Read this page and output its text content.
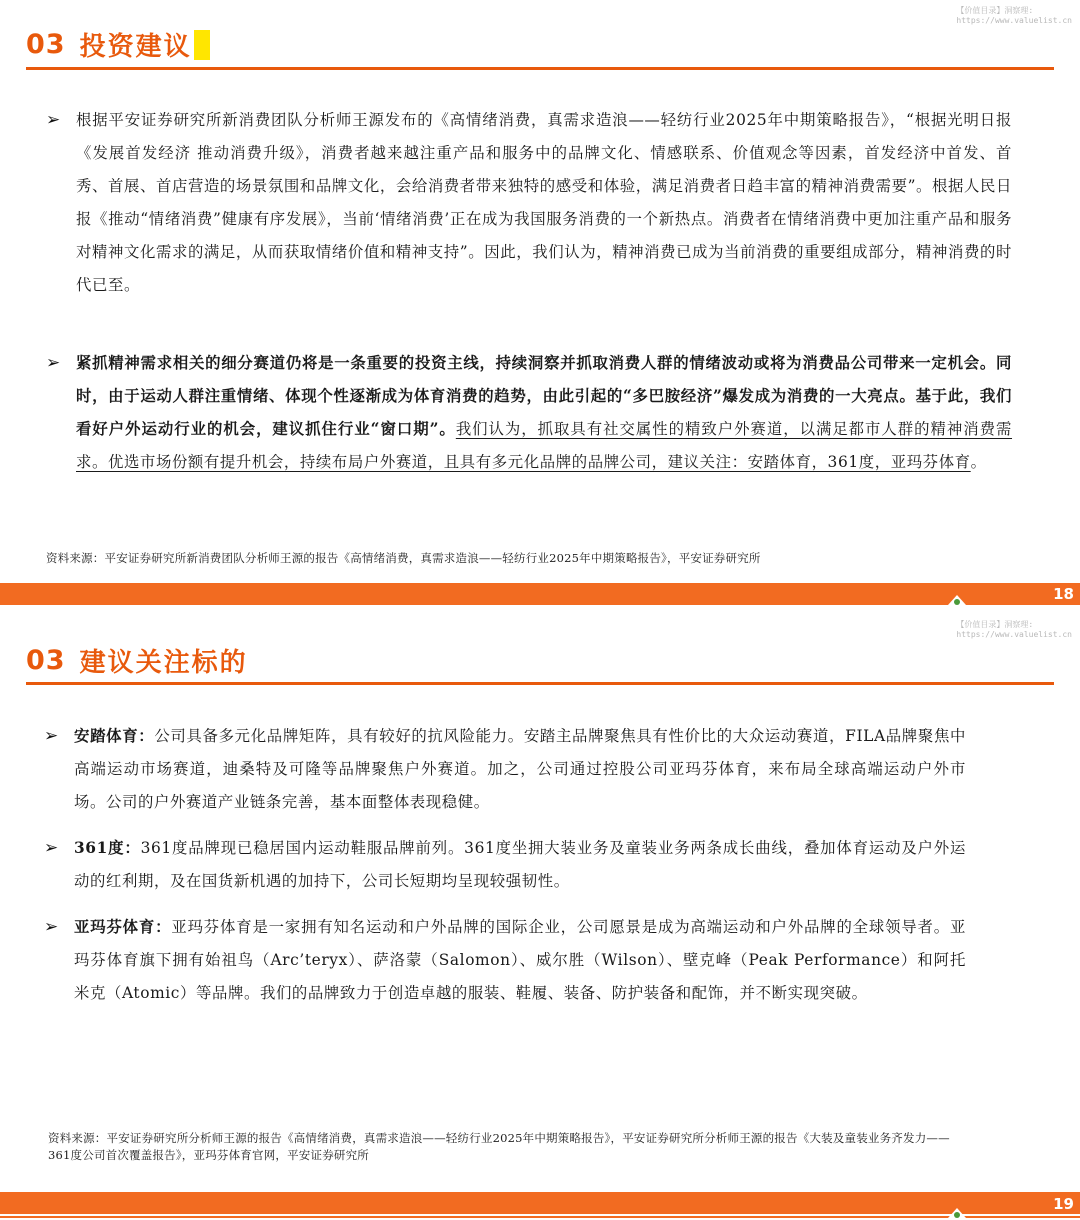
【价值目录】洞察理:
https://www.valuelist.cn
03 投资建议
➢	根据平安证券研究所新消费团队分析师王源发布的《高情绪消费，真需求造浪——轻纺行业2025年中期策略报告》，“根据光明日报《发展首发经济 推动消费升级》，消费者越来越注重产品和服务中的品牌文化、情感联系、价值观念等因素，首发经济中首发、首秀、首展、首店营造的场景氛围和品牌文化，会给消费者带来独特的感受和体验，满足消费者日趋丰富的精神消费需要”。根据人民日报《推动“情绪消费”健康有序发展》，当前‘情绪消费’正在成为我国服务消费的一个新热点。消费者在情绪消费中更加注重产品和服务对精神文化需求的满足，从而获取情绪价值和精神支持”。因此，我们认为，精神消费已成为当前消费的重要组成部分，精神消费的时代已至。

➢	紧抓精神需求相关的细分赛道仍将是一条重要的投资主线，持续洞察并抓取消费人群的情绪波动或将为消费品公司带来一定机会。同时，由于运动人群注重情绪、体现个性逐渐成为体育消费的趋势，由此引起的“多巴胺经济”爆发成为消费的一大亮点。基于此，我们看好户外运动行业的机会，建议抓住行业“窗口期”。我们认为，抓取具有社交属性的精致户外赛道，以满足都市人群的精神消费需求。优选市场份额有提升机会，持续布局户外赛道，且具有多元化品牌的品牌公司，建议关注：安踏体育，361度，亚玛芬体育。

资料来源：平安证券研究所新消费团队分析师王源的报告《高情绪消费，真需求造浪——轻纺行业2025年中期策略报告》，平安证券研究所
18
【价值目录】洞察理:
https://www.valuelist.cn
03 建议关注标的
➢	安踏体育：公司具备多元化品牌矩阵，具有较好的抗风险能力。安踏主品牌聚焦具有性价比的大众运动赛道，FILA品牌聚焦中高端运动市场赛道，迪桑特及可隆等品牌聚焦户外赛道。加之，公司通过控股公司亚玛芬体育，来布局全球高端运动户外市场。公司的户外赛道产业链条完善，基本面整体表现稳健。

➢	361度：361度品牌现已稳居国内运动鞋服品牌前列。361度坐拥大装业务及童装业务两条成长曲线，叠加体育运动及户外运动的红利期，及在国货新机遇的加持下，公司长短期均呈现较强韧性。

➢	亚玛芬体育：亚玛芬体育是一家拥有知名运动和户外品牌的国际企业，公司愿景是成为高端运动和户外品牌的全球领导者。亚玛芬体育旗下拥有始祖鸟（Arc’teryx）、萨洛蒙（Salomon）、威尔胜（Wilson）、壁克峰（Peak Performance）和阿托米克（Atomic）等品牌。我们的品牌致力于创造卓越的服装、鞋履、装备、防护装备和配饰，并不断实现突破。

资料来源：平安证券研究所分析师王源的报告《高情绪消费，真需求造浪——轻纺行业2025年中期策略报告》，平安证券研究所分析师王源的报告《大装及童装业务齐发力——361度公司首次覆盖报告》，亚玛芬体育官网，平安证券研究所
19
